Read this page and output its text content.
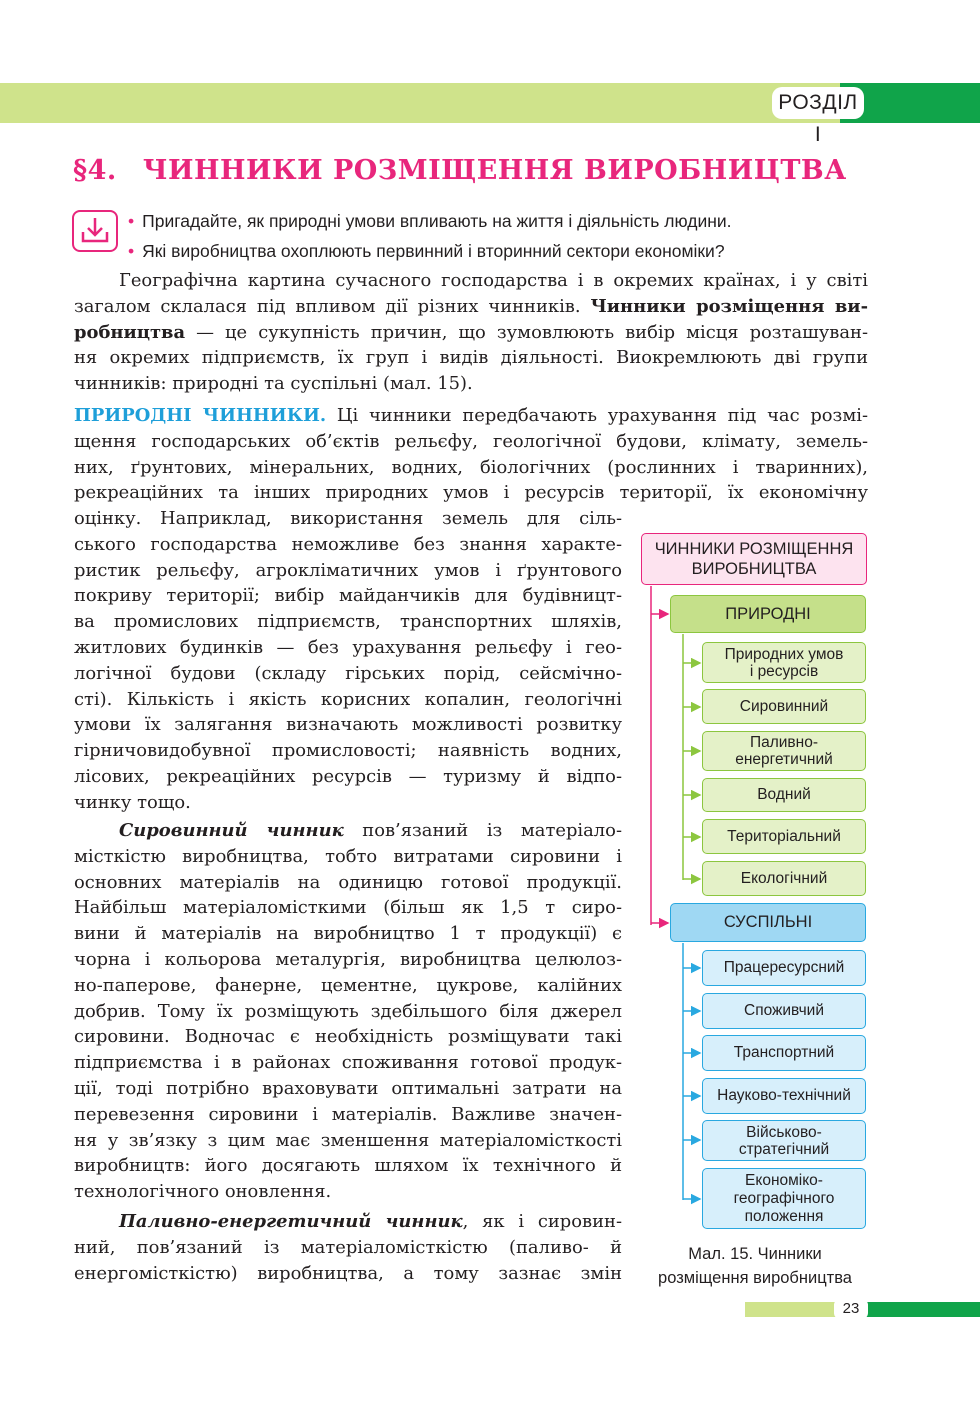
РОЗДІЛ І
§4. ЧИННИКИ РОЗМІЩЕННЯ ВИРОБНИЦТВА
• Пригадайте, як природні умови впливають на життя і діяльність людини.
• Які виробництва охоплюють первинний і вторинний сектори економіки?
Географічна картина сучасного господарства і в окремих країнах, і у світі
загалом склалася під впливом дії різних чинників. Чинники розміщення ви-
робництва — це сукупність причин, що зумовлюють вибір місця розташуван-
ня окремих підприємств, їх груп і видів діяльності. Виокремлюють дві групи
чинників: природні та суспільні (мал. 15).
ПРИРОДНІ ЧИННИКИ. Ці чинники передбачають урахування під час розмі-
щення господарських об’єктів рельєфу, геологічної будови, клімату, земель-
них, ґрунтових, мінеральних, водних, біологічних (рослинних і тваринних),
рекреаційних та інших природних умов і ресурсів території, їх економічну
оцінку. Наприклад, використання земель для сіль-
ського господарства неможливе без знання характе-
ристик рельєфу, агрокліматичних умов і ґрунтового
покриву території; вибір майданчиків для будівницт-
ва промислових підприємств, транспортних шляхів,
житлових будинків — без урахування рельєфу і гео-
логічної будови (складу гірських порід, сейсмічно-
сті). Кількість і якість корисних копалин, геологічні
умови їх залягання визначають можливості розвитку
гірничовидобувної промисловості; наявність водних,
лісових, рекреаційних ресурсів — туризму й відпо-
чинку тощо.
Сировинний чинник пов’язаний із матеріало-
місткістю виробництва, тобто витратами сировини і
основних матеріалів на одиницю готової продукції.
Найбільш матеріаломісткими (більш як 1,5 т сиро-
вини й матеріалів на виробництво 1 т продукції) є
чорна і кольорова металургія, виробництва целюлоз-
но-паперове, фанерне, цементне, цукрове, калійних
добрив. Тому їх розміщують здебільшого біля джерел
сировини. Водночас є необхідність розміщувати такі
підприємства і в районах споживання готової продук-
ції, тоді потрібно враховувати оптимальні затрати на
перевезення сировини і матеріалів. Важливе значен-
ня у зв’язку з цим має зменшення матеріаломісткості
виробництв: його досягають шляхом їх технічного й
технологічного оновлення.
Паливно-енергетичний чинник, як і сировин-
ний, пов’язаний із матеріаломісткістю (паливо- й
енергомісткістю) виробництва, а тому зазнає змін
ЧИННИКИ РОЗМІЩЕННЯ
ВИРОБНИЦТВА
ПРИРОДНІ
Природних умов
і ресурсів
Сировинний
Паливно-
енергетичний
Водний
Територіальний
Екологічний
СУСПІЛЬНІ
Працересурсний
Споживчий
Транспортний
Науково-технічний
Військово-
стратегічний
Економіко-
географічного
положення
Мал. 15. Чинники
розміщення виробництва
23
